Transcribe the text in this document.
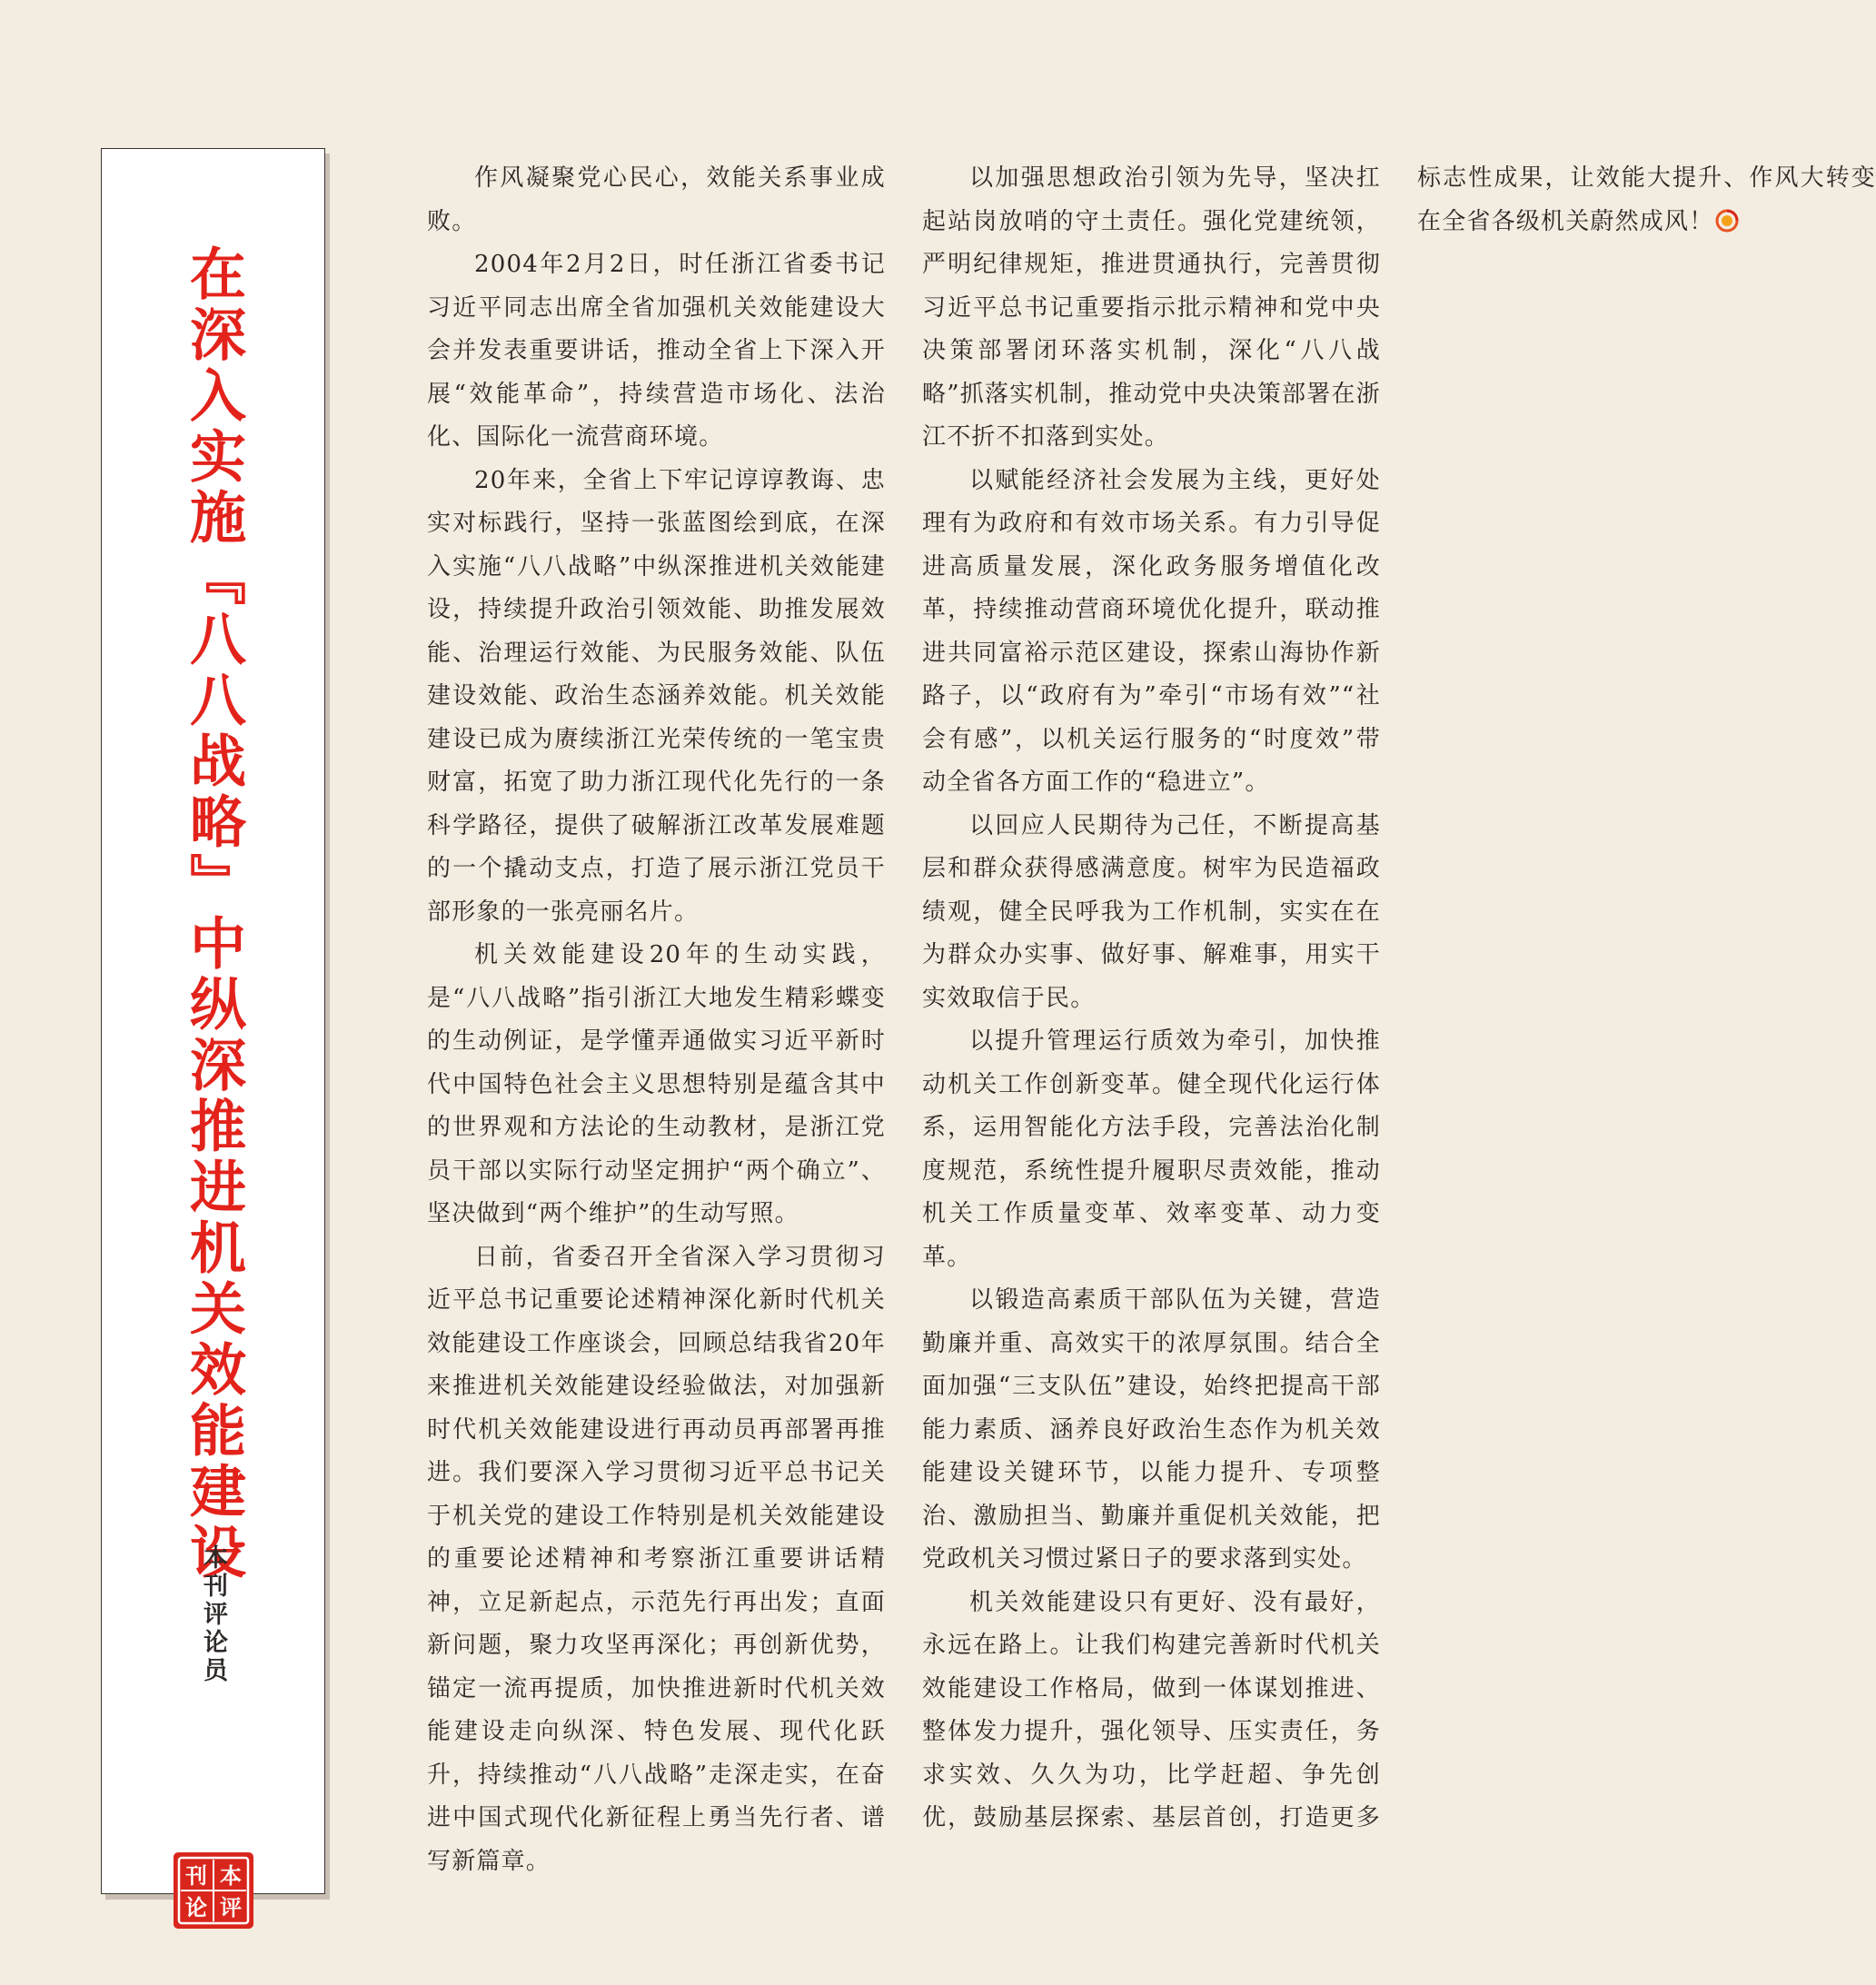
在深入实施『八八战略』中纵深推进机关效能建设
本刊评论员
刊 本
论 评

作风凝聚党心民心，效能关系事业成败。

2004年2月2日，时任浙江省委书记习近平同志出席全省加强机关效能建设大会并发表重要讲话，推动全省上下深入开展“效能革命”，持续营造市场化、法治化、国际化一流营商环境。

20年来，全省上下牢记谆谆教诲、忠实对标践行，坚持一张蓝图绘到底，在深入实施“八八战略”中纵深推进机关效能建设，持续提升政治引领效能、助推发展效能、治理运行效能、为民服务效能、队伍建设效能、政治生态涵养效能。机关效能建设已成为赓续浙江光荣传统的一笔宝贵财富，拓宽了助力浙江现代化先行的一条科学路径，提供了破解浙江改革发展难题的一个撬动支点，打造了展示浙江党员干部形象的一张亮丽名片。

机关效能建设20年的生动实践，是“八八战略”指引浙江大地发生精彩蝶变的生动例证，是学懂弄通做实习近平新时代中国特色社会主义思想特别是蕴含其中的世界观和方法论的生动教材，是浙江党员干部以实际行动坚定拥护“两个确立”、坚决做到“两个维护”的生动写照。

日前，省委召开全省深入学习贯彻习近平总书记重要论述精神深化新时代机关效能建设工作座谈会，回顾总结我省20年来推进机关效能建设经验做法，对加强新时代机关效能建设进行再动员再部署再推进。我们要深入学习贯彻习近平总书记关于机关党的建设工作特别是机关效能建设的重要论述精神和考察浙江重要讲话精神，立足新起点，示范先行再出发；直面新问题，聚力攻坚再深化；再创新优势，锚定一流再提质，加快推进新时代机关效能建设走向纵深、特色发展、现代化跃升，持续推动“八八战略”走深走实，在奋进中国式现代化新征程上勇当先行者、谱写新篇章。

以加强思想政治引领为先导，坚决扛起站岗放哨的守土责任。强化党建统领，严明纪律规矩，推进贯通执行，完善贯彻习近平总书记重要指示批示精神和党中央决策部署闭环落实机制，深化“八八战略”抓落实机制，推动党中央决策部署在浙江不折不扣落到实处。

以赋能经济社会发展为主线，更好处理有为政府和有效市场关系。有力引导促进高质量发展，深化政务服务增值化改革，持续推动营商环境优化提升，联动推进共同富裕示范区建设，探索山海协作新路子，以“政府有为”牵引“市场有效”“社会有感”，以机关运行服务的“时度效”带动全省各方面工作的“稳进立”。

以回应人民期待为己任，不断提高基层和群众获得感满意度。树牢为民造福政绩观，健全民呼我为工作机制，实实在在为群众办实事、做好事、解难事，用实干实效取信于民。

以提升管理运行质效为牵引，加快推动机关工作创新变革。健全现代化运行体系，运用智能化方法手段，完善法治化制度规范，系统性提升履职尽责效能，推动机关工作质量变革、效率变革、动力变革。

以锻造高素质干部队伍为关键，营造勤廉并重、高效实干的浓厚氛围。结合全面加强“三支队伍”建设，始终把提高干部能力素质、涵养良好政治生态作为机关效能建设关键环节，以能力提升、专项整治、激励担当、勤廉并重促机关效能，把党政机关习惯过紧日子的要求落到实处。

机关效能建设只有更好、没有最好，永远在路上。让我们构建完善新时代机关效能建设工作格局，做到一体谋划推进、整体发力提升，强化领导、压实责任，务求实效、久久为功，比学赶超、争先创优，鼓励基层探索、基层首创，打造更多标志性成果，让效能大提升、作风大转变在全省各级机关蔚然成风！
